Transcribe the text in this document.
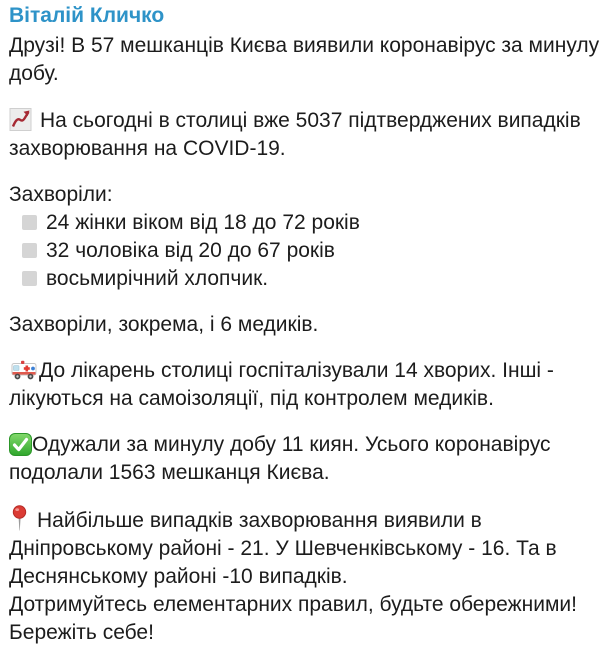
Віталій Кличко

Друзі! В 57 мешканців Києва виявили коронавірус за минулу добу.

На сьогодні в столиці вже 5037 підтверджених випадків захворювання на COVID-19.

Захворіли:
24 жінки віком від 18 до 72 років
32 чоловіка від 20 до 67 років
восьмирічний хлопчик.

Захворіли, зокрема, і 6 медиків.

До лікарень столиці госпіталізували 14 хворих. Інші - лікуються на самоізоляції, під контролем медиків.

Одужали за минулу добу 11 киян. Усього коронавірус подолали 1563 мешканця Києва.

Найбільше випадків захворювання виявили в Дніпровському районі - 21. У Шевченківському - 16. Та в Деснянському районі -10 випадків.
Дотримуйтесь елементарних правил, будьте обережними!
Бережіть себе!
